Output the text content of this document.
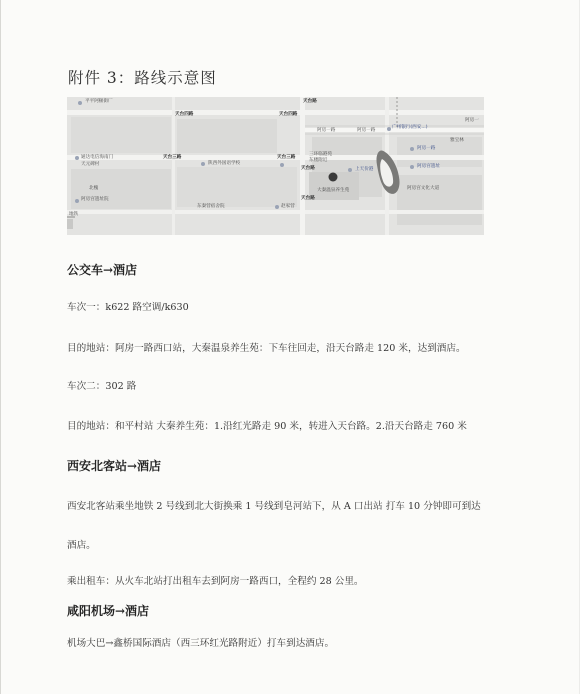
附件 3：路线示意图
平平阿顿街厂
天台四路
天台路
天台四路
广州银行(西安...)
阿房一路	阿房一路
通达电信海南门	天台三路
陕西外国语学校
天台三路
三环临港苑
东楼附近
上天价港
阿房一路
天元碑村
天台路
北槐	大秦温泉养生苑
阿房宫遗址
天台路
阿房宫遗址院
东秦营宿舍院	赵家营
地铁
阿房宫文化大道
阿房一
雅宝林
公交车→酒店
车次一：k622 路空调/k630
目的地站：阿房一路西口站，大秦温泉养生苑：下车往回走，沿天台路走 120 米，达到酒店。
车次二：302 路
目的地站：和平村站 大秦养生苑：1.沿红光路走 90 米，转进入天台路。2.沿天台路走 760 米
西安北客站→酒店
西安北客站乘坐地铁 2 号线到北大街换乘 1 号线到皂河站下，从 A 口出站 打车 10 分钟即可到达
酒店。
乘出租车：从火车北站打出租车去到阿房一路西口，全程约 28 公里。
咸阳机场→酒店
机场大巴→鑫桥国际酒店（西三环红光路附近）打车到达酒店。
